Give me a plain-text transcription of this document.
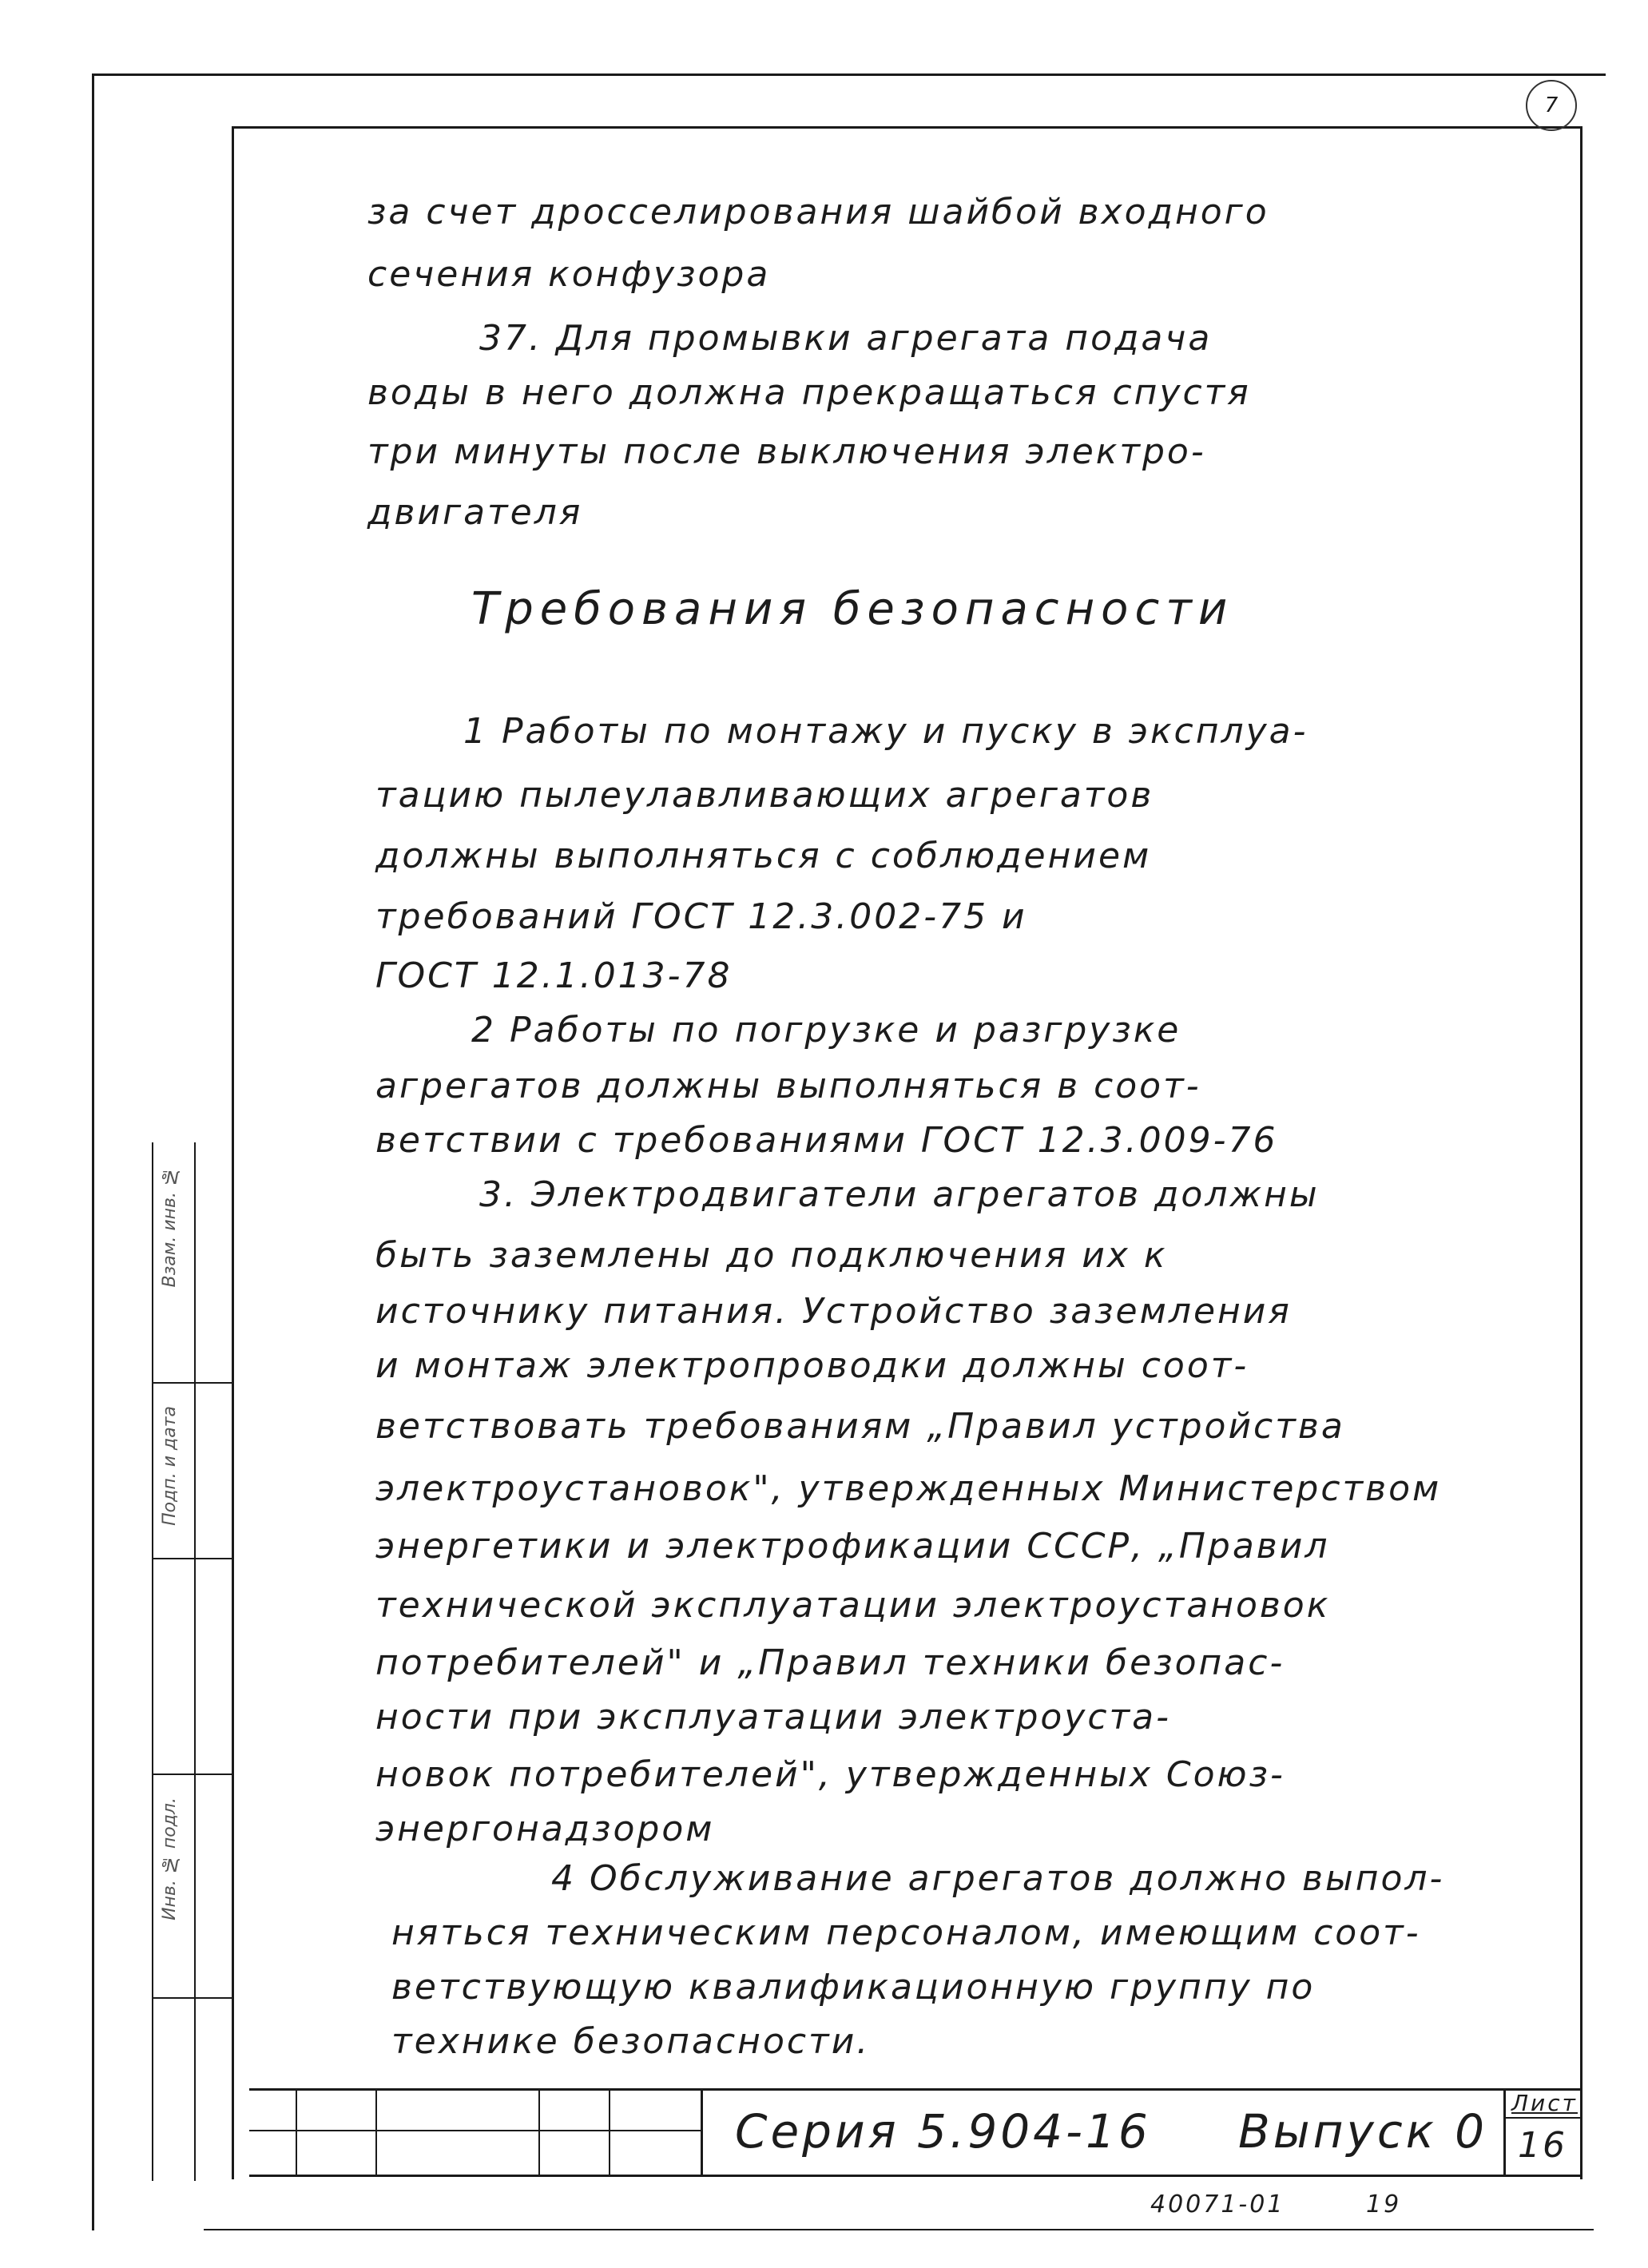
Взам. инв. №
Подп. и дата
Инв. № подл.
7
за счет дросселирования шайбой входного
сечения конфузора
37. Для промывки агрегата подача
воды в него должна прекращаться спустя
три минуты после выключения электро-
двигателя
Требования безопасности
1 Работы по монтажу и пуску в эксплуа-
тацию пылеулавливающих агрегатов
должны выполняться с соблюдением
требований ГОСТ 12.3.002-75 и
ГОСТ 12.1.013-78
2 Работы по погрузке и разгрузке
агрегатов должны выполняться в соот-
ветствии с требованиями ГОСТ 12.3.009-76
3. Электродвигатели агрегатов должны
быть заземлены до подключения их к
источнику питания. Устройство заземления
и монтаж электропроводки должны соот-
ветствовать требованиям „Правил устройства
электроустановок", утвержденных Министерством
энергетики и электрофикации СССР, „Правил
технической эксплуатации электроустановок
потребителей" и „Правил техники безопас-
ности при эксплуатации электроуста-
новок потребителей", утвержденных Союз-
энергонадзором
4 Обслуживание агрегатов должно выпол-
няться техническим персоналом, имеющим соот-
ветствующую квалификационную группу по
технике безопасности.
Серия 5.904-16 Выпуск 0
Лист
16
40071-01	19
